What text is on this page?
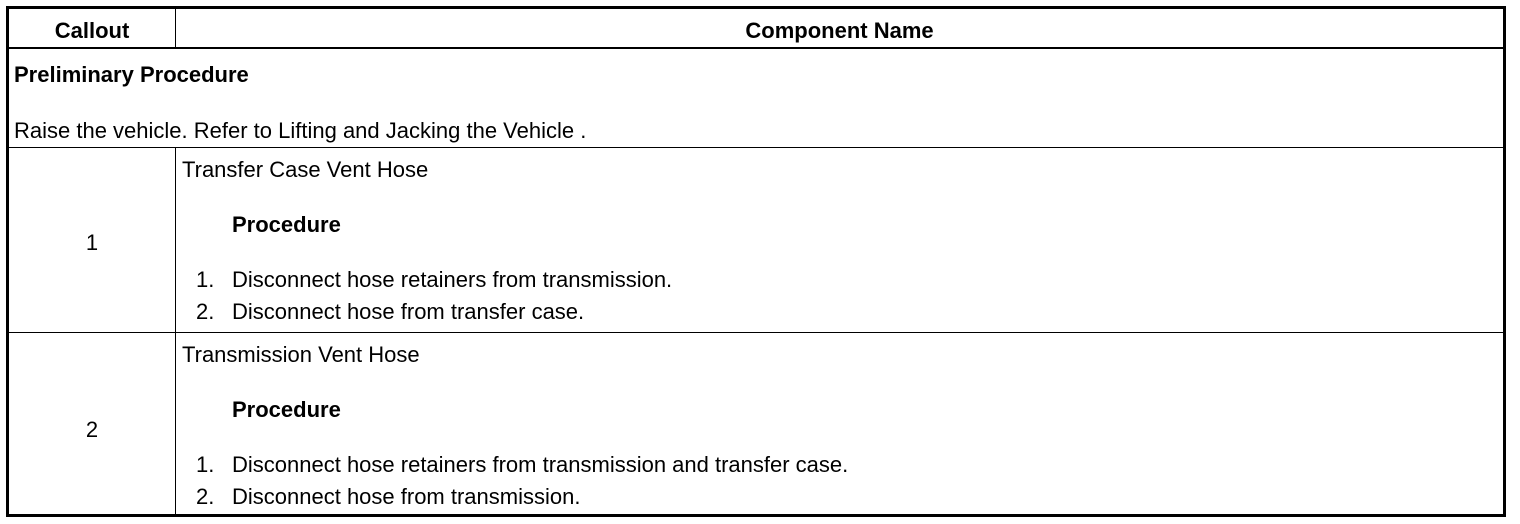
Callout	Component Name
Preliminary Procedure
Raise the vehicle. Refer to Lifting and Jacking the Vehicle .
1
Transfer Case Vent Hose
Procedure
1. Disconnect hose retainers from transmission.
2. Disconnect hose from transfer case.
2
Transmission Vent Hose
Procedure
1. Disconnect hose retainers from transmission and transfer case.
2. Disconnect hose from transmission.
